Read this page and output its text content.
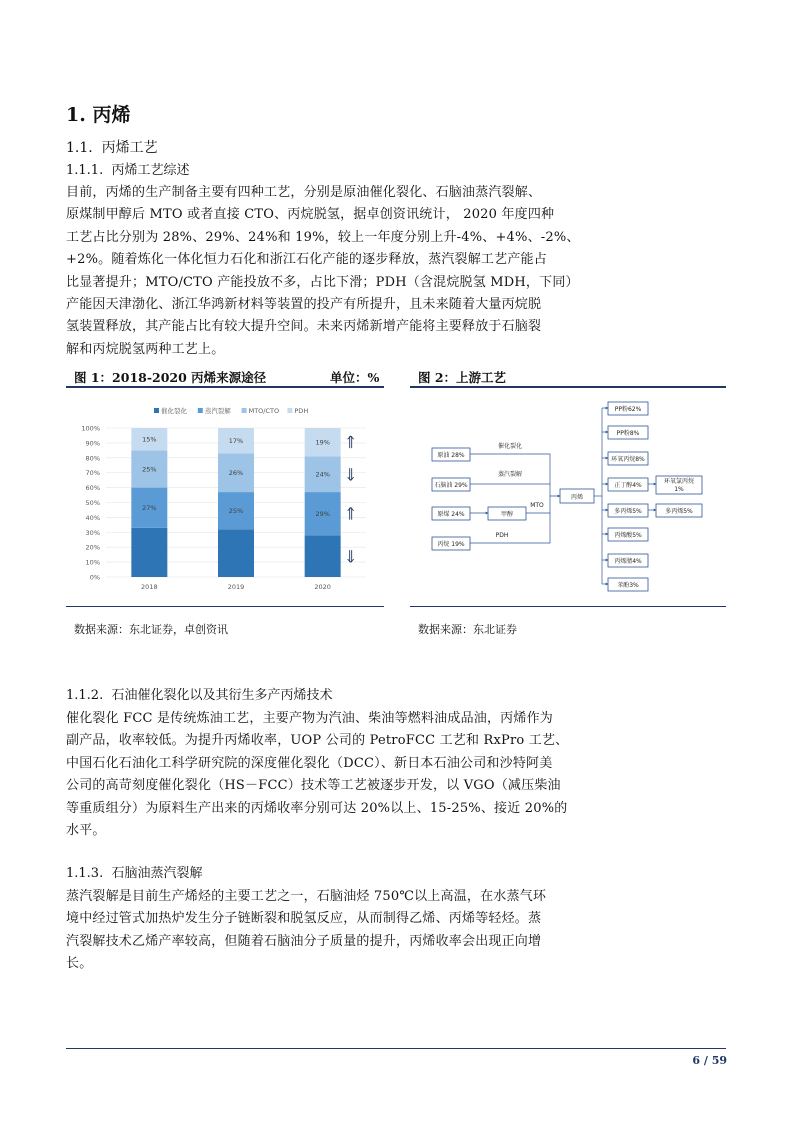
1. 丙烯
1.1. 丙烯工艺
1.1.1. 丙烯工艺综述

目前，丙烯的生产制备主要有四种工艺，分别是原油催化裂化、石脑油蒸汽裂解、

原煤制甲醇后 MTO 或者直接 CTO、丙烷脱氢，据卓创资讯统计， 2020 年度四种

工艺占比分别为 28%、29%、24%和 19%，较上一年度分别上升-4%、+4%、-2%、

+2%。随着炼化一体化恒力石化和浙江石化产能的逐步释放，蒸汽裂解工艺产能占

比显著提升；MTO/CTO 产能投放不多，占比下滑；PDH（含混烷脱氢 MDH，下同）

产能因天津渤化、浙江华鸿新材料等装置的投产有所提升，且未来随着大量丙烷脱

氢装置释放，其产能占比有较大提升空间。未来丙烯新增产能将主要释放于石脑裂

解和丙烷脱氢两种工艺上。

图 1：2018-2020 丙烯来源途径	单位：%
催化裂化	蒸汽裂解	MTO/CTO PDH
0%
10%
20%
30%
40%
50%
60%
70%
80%
90%
100%
27%
25%
15%
25%
26%
17%
29%
24%
19%
2018	2019	2020
数据来源：东北证券，卓创资讯
图 2：上游工艺
原油 28%
石脑油 29%
原煤 24%
丙烷 19%
甲醇
丙烯
催化裂化
蒸汽裂解
MTO
PDH
PP粉62%
PP粉8%
环氧丙烷8%
正丁醇4%
多丙烯5%
丙烯酸5%
丙烯腈4%
苯酚3%
环氧氯丙烷
1%
多丙烯5%
数据来源：东北证券
1.1.2. 石油催化裂化以及其衍生多产丙烯技术

催化裂化 FCC 是传统炼油工艺，主要产物为汽油、柴油等燃料油成品油，丙烯作为

副产品，收率较低。为提升丙烯收率，UOP 公司的 PetroFCC 工艺和 RxPro 工艺、

中国石化石油化工科学研究院的深度催化裂化（DCC）、新日本石油公司和沙特阿美

公司的高苛刻度催化裂化（HS－FCC）技术等工艺被逐步开发，以 VGO（减压柴油

等重质组分）为原料生产出来的丙烯收率分别可达 20%以上、15-25%、接近 20%的

水平。

1.1.3. 石脑油蒸汽裂解

蒸汽裂解是目前生产烯烃的主要工艺之一，石脑油烃 750℃以上高温，在水蒸气环

境中经过管式加热炉发生分子链断裂和脱氢反应，从而制得乙烯、丙烯等轻烃。蒸

汽裂解技术乙烯产率较高，但随着石脑油分子质量的提升，丙烯收率会出现正向增

长。

6 / 59
